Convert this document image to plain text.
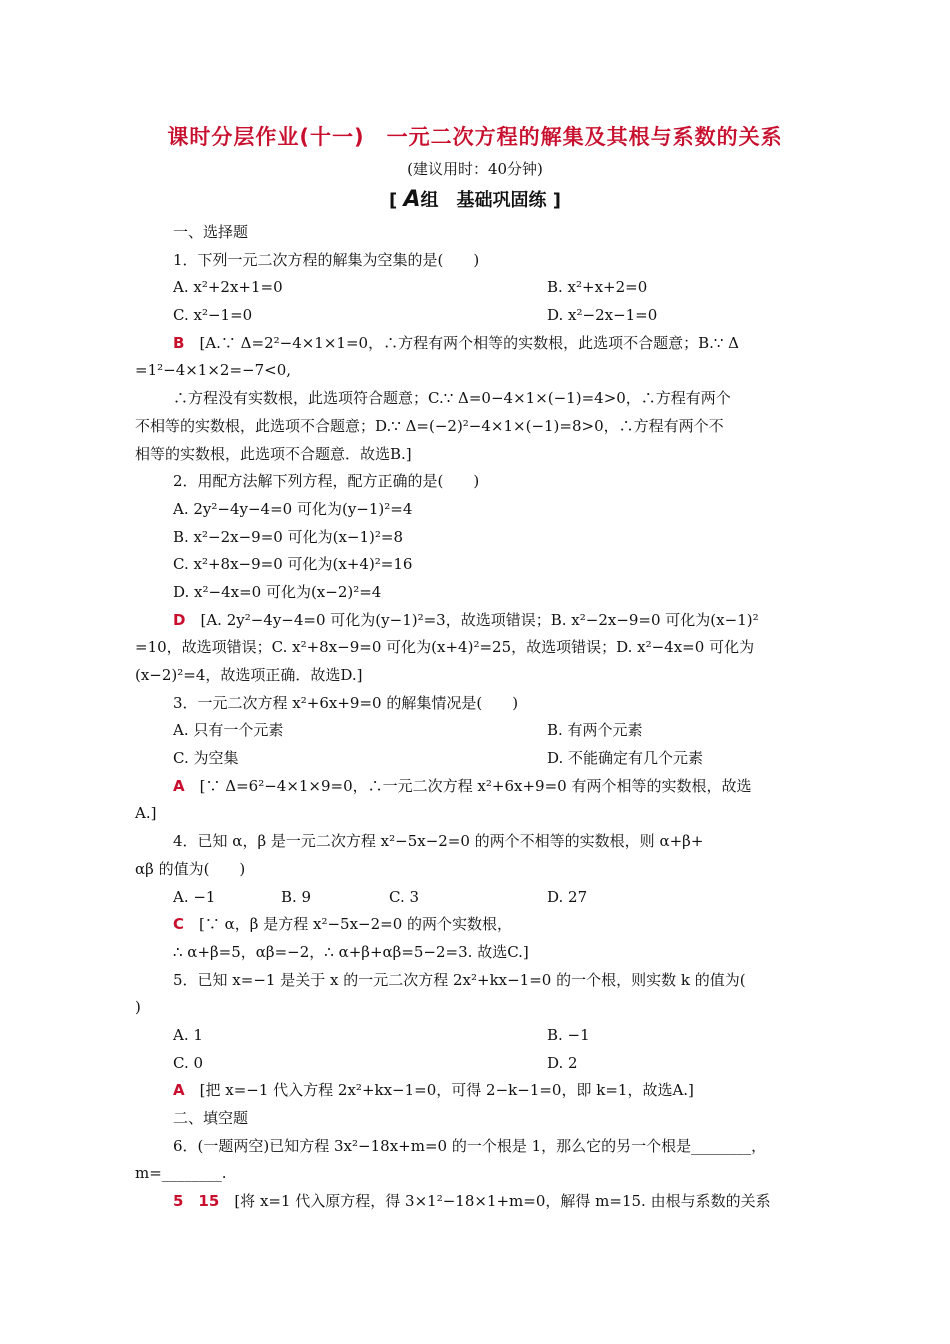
课时分层作业(十一)　一元二次方程的解集及其根与系数的关系
(建议用时：40分钟)
[ A组　基础巩固练 ]
一、选择题
1．下列一元二次方程的解集为空集的是(　　)
A. x²+2x+1=0	B. x²+x+2=0
C. x²−1=0	D. x²−2x−1=0
B　 [A.∵ Δ=2²−4×1×1=0，∴方程有两个相等的实数根，此选项不合题意；B.∵ Δ
=1²−4×1×2=−7<0,
∴方程没有实数根，此选项符合题意；C.∵ Δ=0−4×1×(−1)=4>0，∴方程有两个
不相等的实数根，此选项不合题意；D.∵ Δ=(−2)²−4×1×(−1)=8>0，∴方程有两个不
相等的实数根，此选项不合题意．故选B.]
2．用配方法解下列方程，配方正确的是(　　)
A. 2y²−4y−4=0 可化为(y−1)²=4
B. x²−2x−9=0 可化为(x−1)²=8
C. x²+8x−9=0 可化为(x+4)²=16
D. x²−4x=0 可化为(x−2)²=4
D　 [A. 2y²−4y−4=0 可化为(y−1)²=3，故选项错误；B. x²−2x−9=0 可化为(x−1)²
=10，故选项错误；C. x²+8x−9=0 可化为(x+4)²=25，故选项错误；D. x²−4x=0 可化为
(x−2)²=4，故选项正确．故选D.]
3．一元二次方程 x²+6x+9=0 的解集情况是(　　)
A. 只有一个元素	B. 有两个元素
C. 为空集	D. 不能确定有几个元素
A　 [∵ Δ=6²−4×1×9=0，∴一元二次方程 x²+6x+9=0 有两个相等的实数根，故选
A.]
4．已知 α，β 是一元二次方程 x²−5x−2=0 的两个不相等的实数根，则 α+β+
αβ 的值为(　　)
A. −1	B. 9	C. 3	D. 27
C　 [∵ α，β 是方程 x²−5x−2=0 的两个实数根，
∴ α+β=5，αβ=−2，∴ α+β+αβ=5−2=3. 故选C.]
5．已知 x=−1 是关于 x 的一元二次方程 2x²+kx−1=0 的一个根，则实数 k 的值为(
)
A. 1	B. −1
C. 0	D. 2
A　 [把 x=−1 代入方程 2x²+kx−1=0，可得 2−k−1=0，即 k=1，故选A.]
二、填空题
6．(一题两空)已知方程 3x²−18x+m=0 的一个根是 1，那么它的另一个根是________，
m=________.
5　15　 [将 x=1 代入原方程，得 3×1²−18×1+m=0，解得 m=15. 由根与系数的关系
